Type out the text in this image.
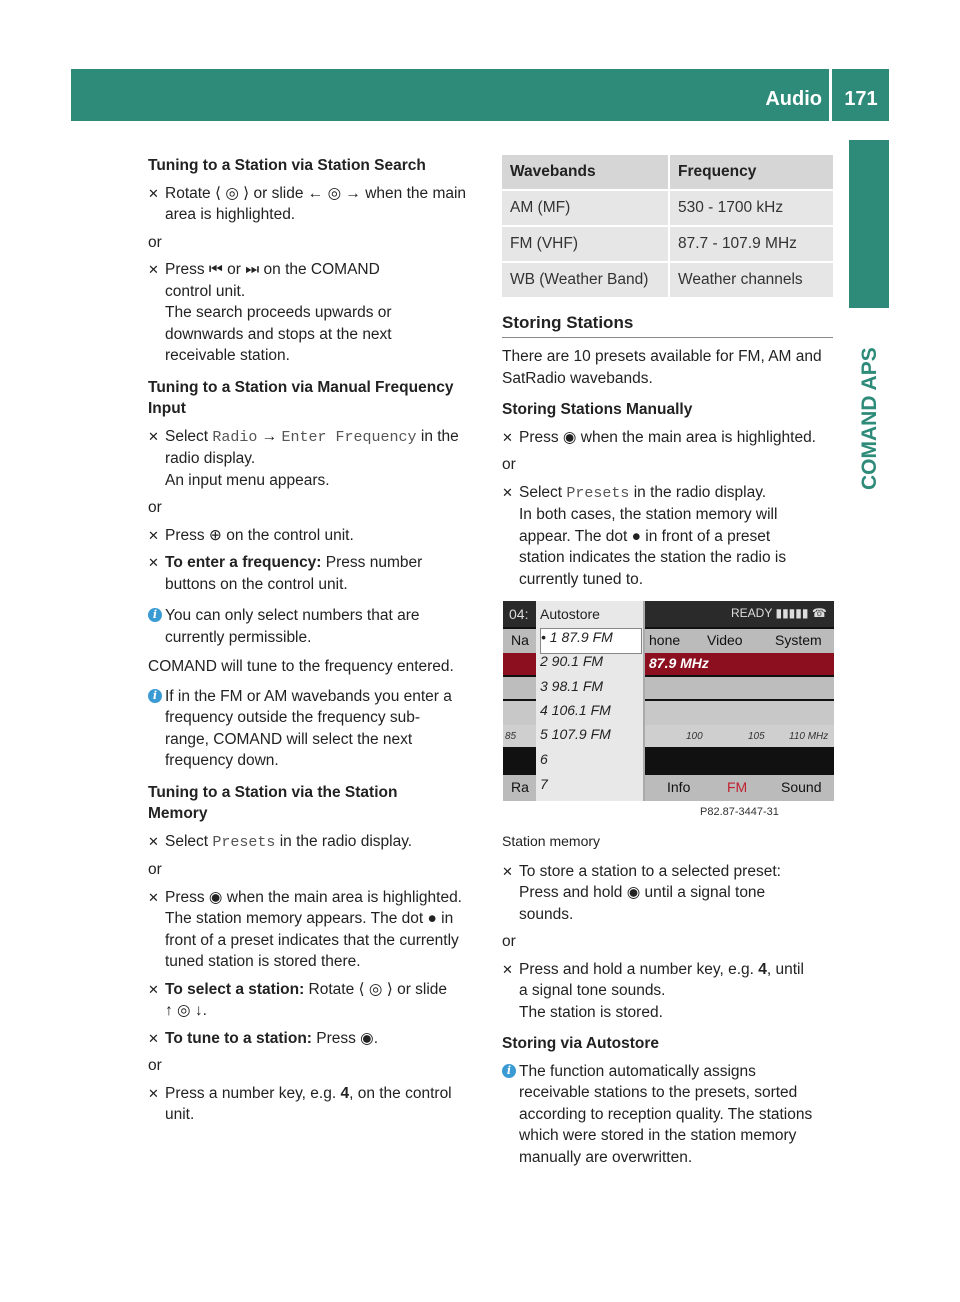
Audio	171
COMAND APS

Tuning to a Station via Station Search

✕ Rotate ⟨ ◎ ⟩ or slide ← ◎ → when the main

area is highlighted.

or

✕ Press ⏮ or ⏭ on the COMAND

control unit.

The search proceeds upwards or

downwards and stops at the next

receivable station.

Tuning to a Station via Manual Frequency

Input

✕ Select Radio → Enter Frequency in the

radio display.

An input menu appears.

or

✕ Press ⊕ on the control unit.

✕ To enter a frequency: Press number

buttons on the control unit.

i You can only select numbers that are

currently permissible.

COMAND will tune to the frequency entered.

i If in the FM or AM wavebands you enter a

frequency outside the frequency sub-

range, COMAND will select the next

frequency down.

Tuning to a Station via the Station

Memory

✕ Select Presets in the radio display.

or

✕ Press ◉ when the main area is highlighted.

The station memory appears. The dot ● in

front of a preset indicates that the currently

tuned station is stored there.

✕ To select a station: Rotate ⟨ ◎ ⟩ or slide

↑ ◎ ↓.

✕ To tune to a station: Press ◉.

or

✕ Press a number key, e.g. 4, on the control

unit.

Wavebands	Frequency
AM (MF)	530 - 1700 kHz
FM (VHF)	87.7 - 107.9 MHz
WB (Weather Band)	Weather channels
Storing Stations

There are 10 presets available for FM, AM and

SatRadio wavebands.

Storing Stations Manually

✕ Press ◉ when the main area is highlighted.

or

✕ Select Presets in the radio display.

In both cases, the station memory will

appear. The dot ● in front of a preset

station indicates the station the radio is

currently tuned to.

04:	READY ▮▮▮▮▮ ☎
Na	hone Video System
87.9 MHz
85	100	105 110 MHz
Ra	Info	FM Sound
Autostore
• 1 87.9 FM
2 90.1 FM
3 98.1 FM
4 106.1 FM
5 107.9 FM
6
7
P82.87-3447-31

Station memory

✕ To store a station to a selected preset:

Press and hold ◉ until a signal tone

sounds.

or

✕ Press and hold a number key, e.g. 4, until

a signal tone sounds.

The station is stored.

Storing via Autostore

i The function automatically assigns

receivable stations to the presets, sorted

according to reception quality. The stations

which were stored in the station memory

manually are overwritten.
